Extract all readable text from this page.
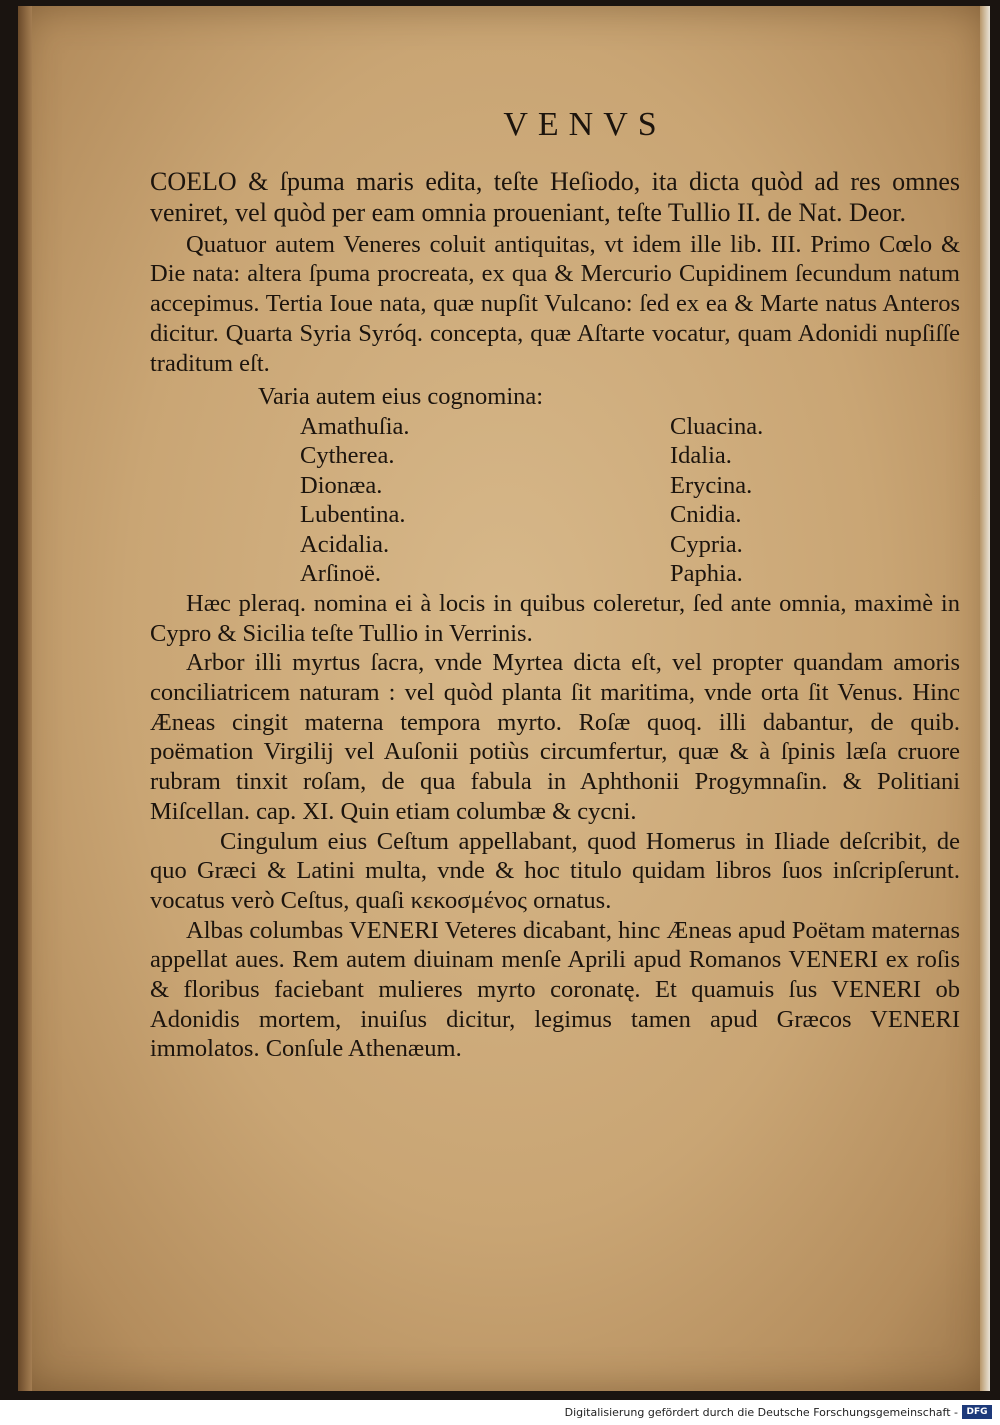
VENVS

COELO & ſpuma maris edita, teſte Heſiodo, ita dicta quòd ad res omnes veniret, vel quòd per eam omnia proueniant, teſte Tullio II. de Nat. Deor.

Quatuor autem Veneres coluit antiquitas, vt idem ille lib. III. Primo Cœlo & Die nata: altera ſpuma procreata, ex qua & Mercurio Cupidinem ſecundum natum accepimus. Tertia Ioue nata, quæ nupſit Vulcano: ſed ex ea & Marte natus Anteros dicitur. Quarta Syria Syróq. concepta, quæ Aſtarte vocatur, quam Adonidi nupſiſſe traditum eſt.

Varia autem eius cognomina:
Amathuſia.	Cluacina.
Cytherea.	Idalia.
Dionæa.	Erycina.
Lubentina.	Cnidia.
Acidalia.	Cypria.
Arſinoë.	Paphia.

Hæc pleraq. nomina ei à locis in quibus coleretur, ſed ante omnia, maximè in Cypro & Sicilia teſte Tullio in Verrinis.

Arbor illi myrtus ſacra, vnde Myrtea dicta eſt, vel propter quandam amoris conciliatricem naturam : vel quòd planta ſit maritima, vnde orta ſit Venus. Hinc Æneas cingit materna tempora myrto. Roſæ quoq. illi dabantur, de quib. poëmation Virgilij vel Auſonii potiùs circumfertur, quæ & à ſpinis læſa cruore rubram tinxit roſam, de qua fabula in Aphthonii Progymnaſin. & Politiani Miſcellan. cap. XI. Quin etiam columbæ & cycni.

Cingulum eius Ceſtum appellabant, quod Homerus in Iliade deſcribit, de quo Græci & Latini multa, vnde & hoc titulo quidam libros ſuos inſcripſerunt. vocatus verò Ceſtus, quaſi κεκοσμένος ornatus.

Albas columbas VENERI Veteres dicabant, hinc Æneas apud Poëtam maternas appellat aues. Rem autem diuinam menſe Aprili apud Romanos VENERI ex roſis & floribus faciebant mulieres myrto coronatę. Et quamuis ſus VENERI ob Adonidis mortem, inuiſus dicitur, legimus tamen apud Græcos VENERI immolatos. Conſule Athenæum.

Digitalisierung gefördert durch die Deutsche Forschungsgemeinschaft - DFG
